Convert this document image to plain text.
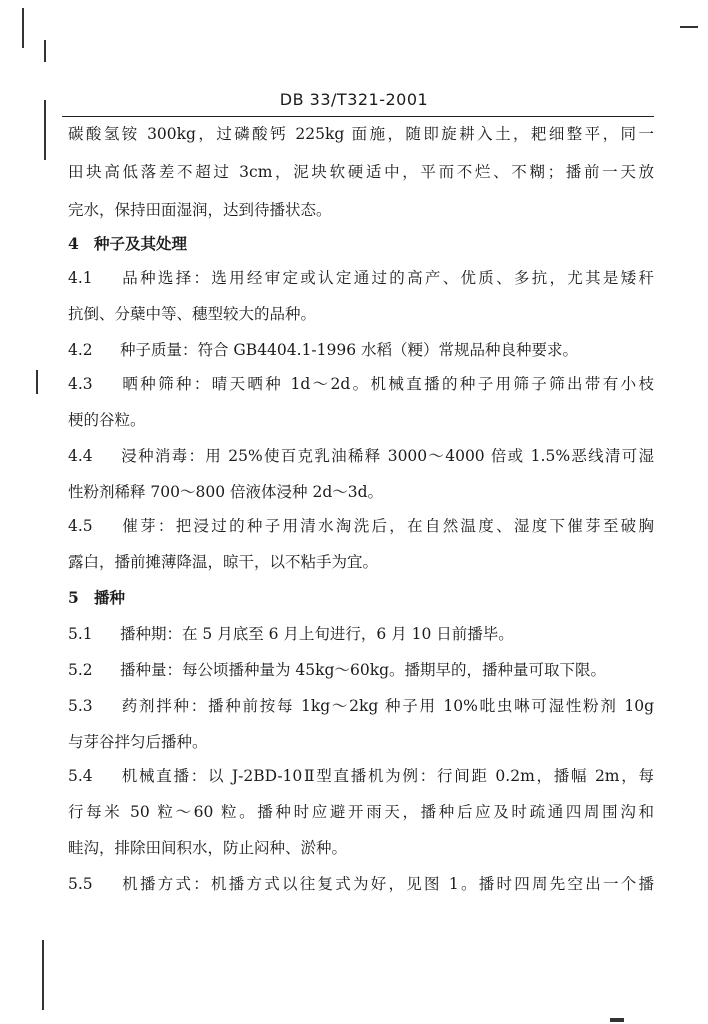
DB 33/T321-2001
碳酸氢铵 300kg，过磷酸钙 225kg 面施，随即旋耕入土，耙细整平，同一
田块高低落差不超过 3cm，泥块软硬适中，平而不烂、不糊；播前一天放
完水，保持田面湿润，达到待播状态。
4 种子及其处理
4.1 品种选择：选用经审定或认定通过的高产、优质、多抗，尤其是矮秆
抗倒、分蘖中等、穗型较大的品种。
4.2 种子质量：符合 GB4404.1-1996 水稻（粳）常规品种良种要求。
4.3 晒种筛种：晴天晒种 1d～2d。机械直播的种子用筛子筛出带有小枝
梗的谷粒。
4.4 浸种消毒：用 25%使百克乳油稀释 3000～4000 倍或 1.5%恶线清可湿
性粉剂稀释 700～800 倍液体浸种 2d～3d。
4.5 催芽：把浸过的种子用清水淘洗后，在自然温度、湿度下催芽至破胸
露白，播前摊薄降温，晾干，以不粘手为宜。
5 播种
5.1 播种期：在 5 月底至 6 月上旬进行，6 月 10 日前播毕。
5.2 播种量：每公顷播种量为 45kg～60kg。播期早的，播种量可取下限。
5.3 药剂拌种：播种前按每 1kg～2kg 种子用 10%吡虫啉可湿性粉剂 10g
与芽谷拌匀后播种。
5.4 机械直播：以 J-2BD-10Ⅱ型直播机为例：行间距 0.2m，播幅 2m，每
行每米 50 粒～60 粒。播种时应避开雨天，播种后应及时疏通四周围沟和
畦沟，排除田间积水，防止闷种、淤种。
5.5 机播方式：机播方式以往复式为好，见图 1。播时四周先空出一个播
